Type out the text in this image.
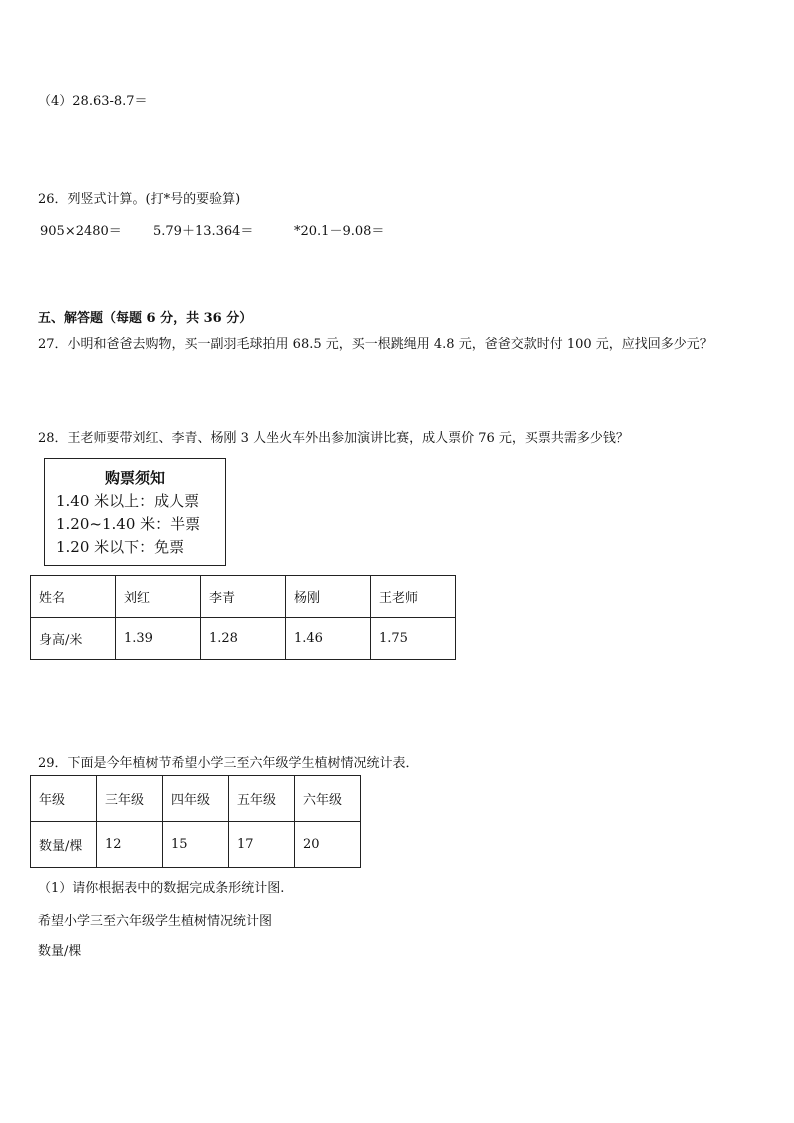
（4）28.63-8.7＝
26．列竖式计算。(打*号的要验算)
905×2480＝ 5.79＋13.364＝	*20.1－9.08＝
五、解答题（每题 6 分，共 36 分）
27．小明和爸爸去购物，买一副羽毛球拍用 68.5 元，买一根跳绳用 4.8 元，爸爸交款时付 100 元，应找回多少元？
28．王老师要带刘红、李青、杨刚 3 人坐火车外出参加演讲比赛，成人票价 76 元，买票共需多少钱？
购票须知
1.40 米以上：成人票
1.20~1.40 米：半票
1.20 米以下：免票
姓名	刘红	李青	杨刚	王老师
身高/米	1.39	1.28	1.46	1.75
29．下面是今年植树节希望小学三至六年级学生植树情况统计表．
年级	三年级	四年级	五年级	六年级
数量/棵	12	15	17	20
（1）请你根据表中的数据完成条形统计图.
希望小学三至六年级学生植树情况统计图
数量/棵
